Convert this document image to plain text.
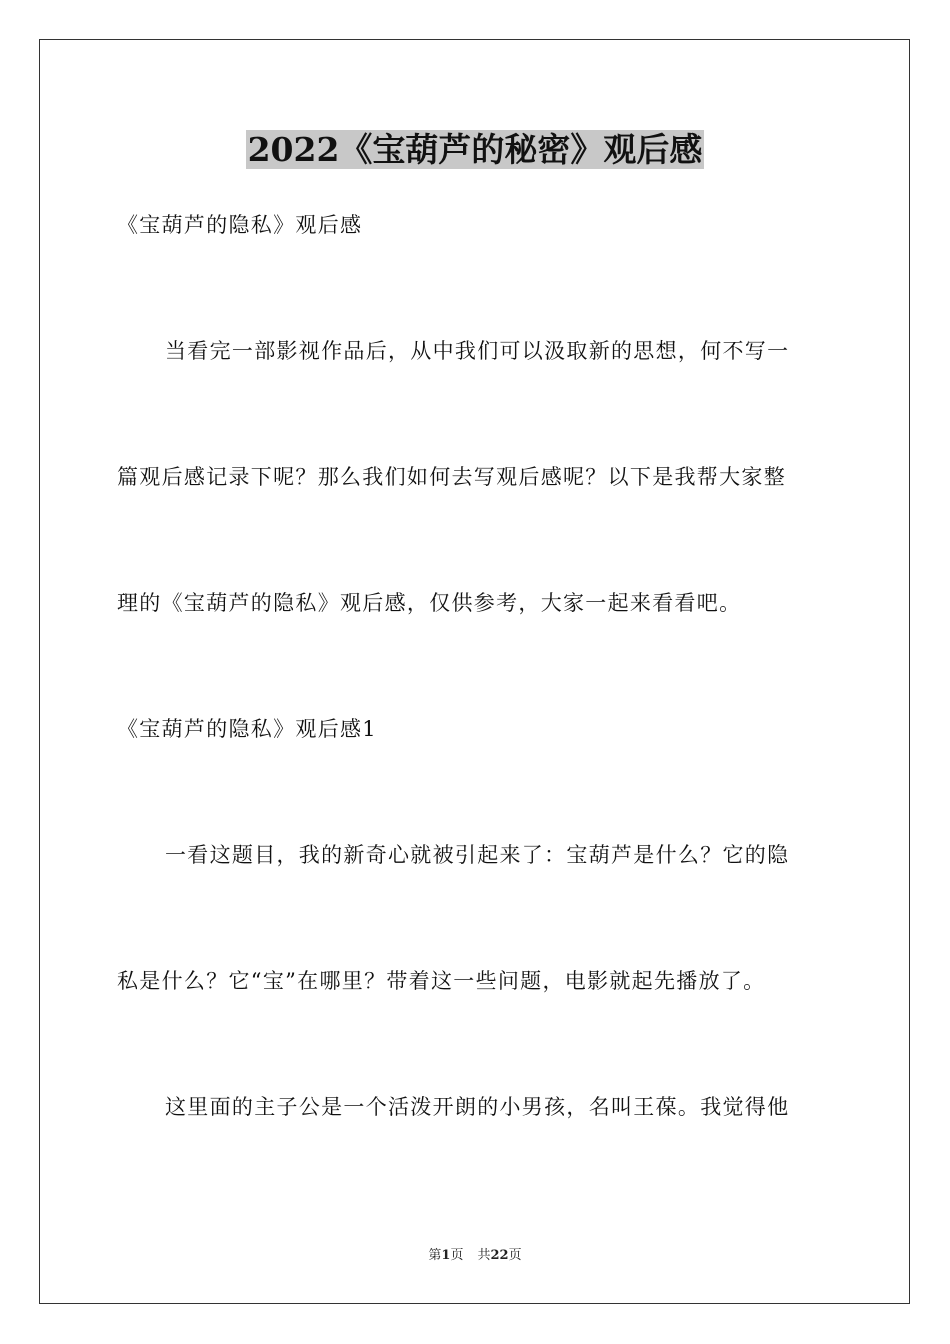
2022《宝葫芦的秘密》观后感
《宝葫芦的隐私》观后感
当看完一部影视作品后，从中我们可以汲取新的思想，何不写一
篇观后感记录下呢？那么我们如何去写观后感呢？以下是我帮大家整
理的《宝葫芦的隐私》观后感，仅供参考，大家一起来看看吧。
《宝葫芦的隐私》观后感1
一看这题目，我的新奇心就被引起来了：宝葫芦是什么？它的隐
私是什么？它“宝”在哪里？带着这一些问题，电影就起先播放了。
这里面的主子公是一个活泼开朗的小男孩，名叫王葆。我觉得他
第1页 共22页
